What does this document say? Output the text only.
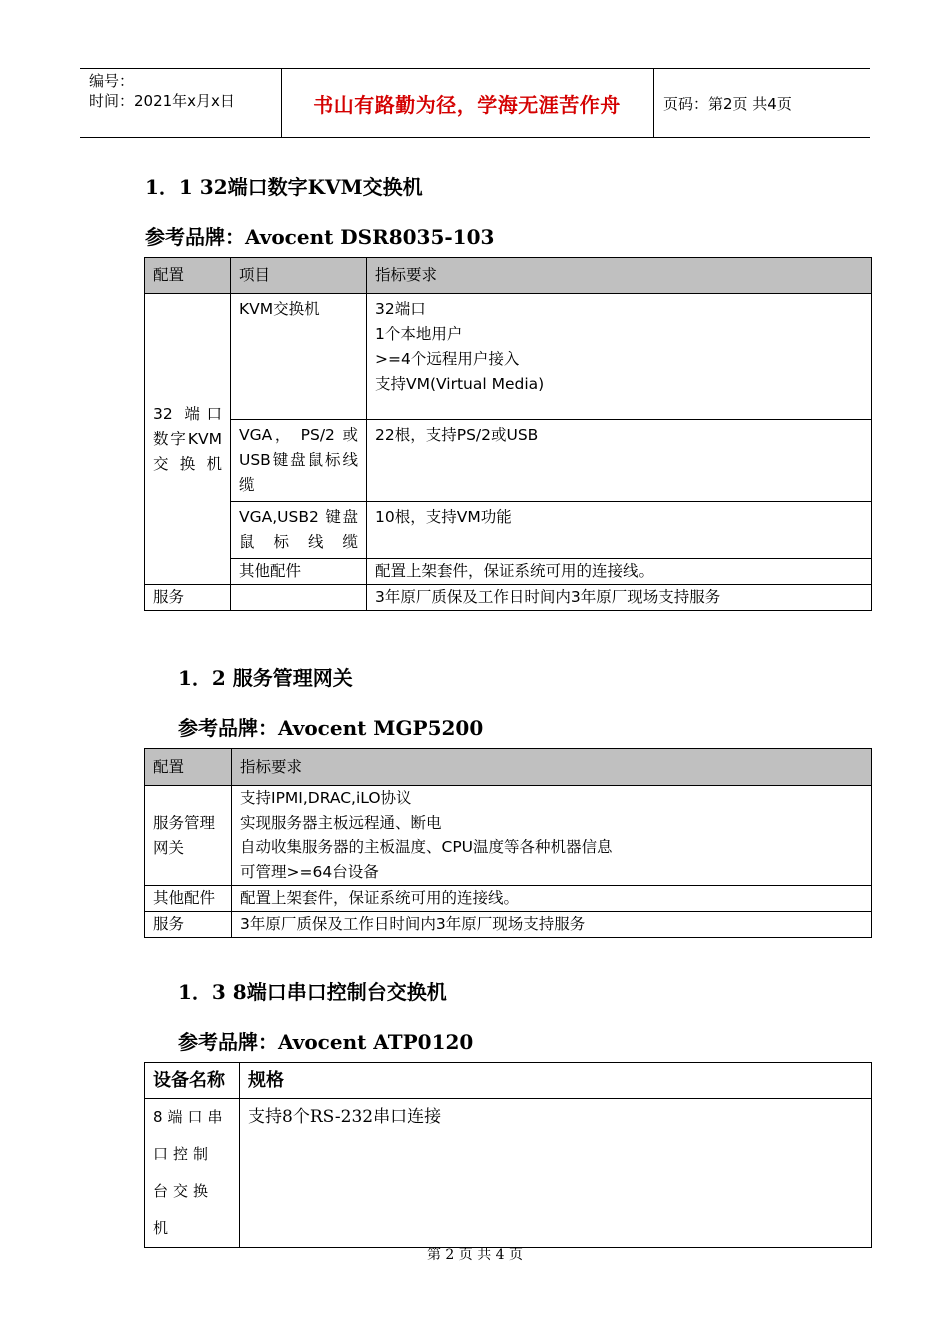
编号：
时间：2021年x月x日	书山有路勤为径，学海无涯苦作舟	页码：第2页 共4页
1．1 32端口数字KVM交换机
参考品牌：Avocent DSR8035-103
配置	项目	指标要求

32 端口数字KVM交换机	KVM交换机	32端口
1个本地用户
>=4个远程用户接入
支持VM(Virtual Media)

	VGA， PS/2 或USB键盘鼠标线缆	22根，支持PS/2或USB
	VGA,USB2 键盘鼠标线缆	10根，支持VM功能
	其他配件	配置上架套件，保证系统可用的连接线。
服务		3年原厂质保及工作日时间内3年原厂现场支持服务
1．2 服务管理网关
参考品牌：Avocent MGP5200
配置	指标要求
服务管理网关	支持IPMI,DRAC,iLO协议
实现服务器主板远程通、断电
自动收集服务器的主板温度、CPU温度等各种机器信息
可管理>=64台设备

其他配件	配置上架套件，保证系统可用的连接线。
服务	3年原厂质保及工作日时间内3年原厂现场支持服务
1．3 8端口串口控制台交换机
参考品牌：Avocent ATP0120
设备名称	规格
8端口串口控制台交换机	支持8个RS-232串口连接
第 2 页 共 4 页
